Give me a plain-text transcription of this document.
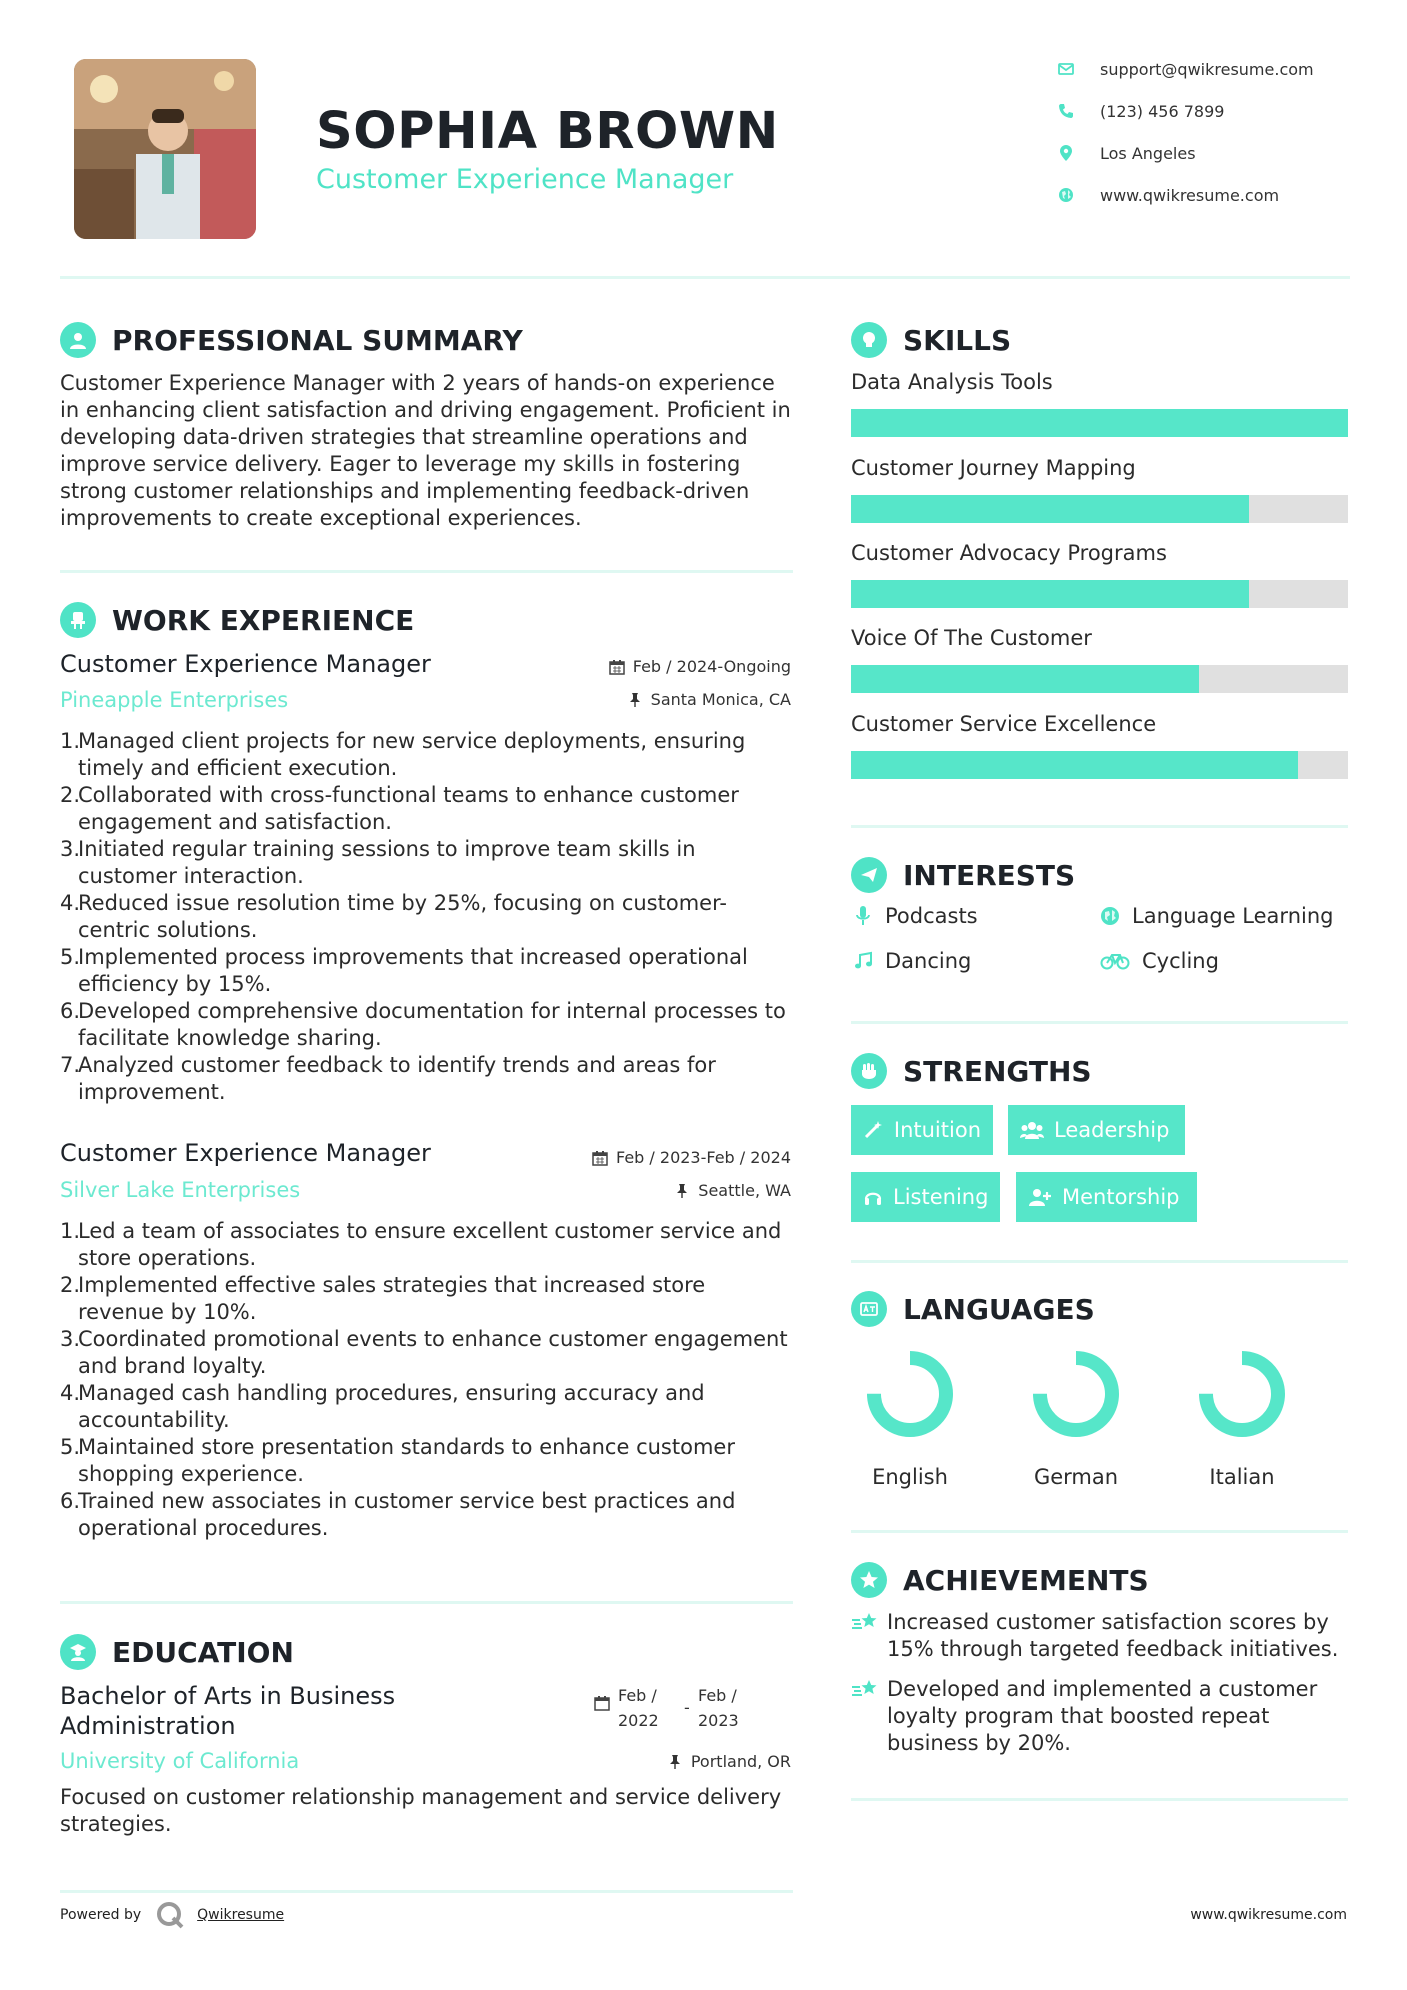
SOPHIA BROWN
Customer Experience Manager
support@qwikresume.com
(123) 456 7899
Los Angeles
www.qwikresume.com
PROFESSIONAL SUMMARY
Customer Experience Manager with 2 years of hands-on experience in enhancing client satisfaction and driving engagement. Proficient in developing data-driven strategies that streamline operations and improve service delivery. Eager to leverage my skills in fostering strong customer relationships and implementing feedback-driven improvements to create exceptional experiences.
WORK EXPERIENCE
Customer Experience Manager
Pineapple Enterprises
Feb / 2024-Ongoing
Santa Monica, CA
1.
Managed client projects for new service deployments, ensuring timely and efficient execution.
2.
Collaborated with cross-functional teams to enhance customer engagement and satisfaction.
3.
Initiated regular training sessions to improve team skills in customer interaction.
4.
Reduced issue resolution time by 25%, focusing on customer-centric solutions.
5.
Implemented process improvements that increased operational efficiency by 15%.
6.
Developed comprehensive documentation for internal processes to facilitate knowledge sharing.
7.
Analyzed customer feedback to identify trends and areas for improvement.
Customer Experience Manager
Silver Lake Enterprises
Feb / 2023-Feb / 2024
Seattle, WA
1.
Led a team of associates to ensure excellent customer service and store operations.
2.
Implemented effective sales strategies that increased store revenue by 10%.
3.
Coordinated promotional events to enhance customer engagement and brand loyalty.
4.
Managed cash handling procedures, ensuring accuracy and accountability.
5.
Maintained store presentation standards to enhance customer shopping experience.
6.
Trained new associates in customer service best practices and operational procedures.
EDUCATION
Bachelor of Arts in Business Administration
University of California
Feb /
2022
-
Feb /
2023
Portland, OR
Focused on customer relationship management and service delivery strategies.
SKILLS
Data Analysis Tools
Customer Journey Mapping
Customer Advocacy Programs
Voice Of The Customer
Customer Service Excellence
INTERESTS
Podcasts	Language Learning
Dancing	Cycling
STRENGTHS
Intuition	Leadership
Listening	Mentorship
LANGUAGES
English	German	Italian
ACHIEVEMENTS
Increased customer satisfaction scores by 15% through targeted feedback initiatives.
Developed and implemented a customer loyalty program that boosted repeat business by 20%.
Powered by	Qwikresume	www.qwikresume.com
